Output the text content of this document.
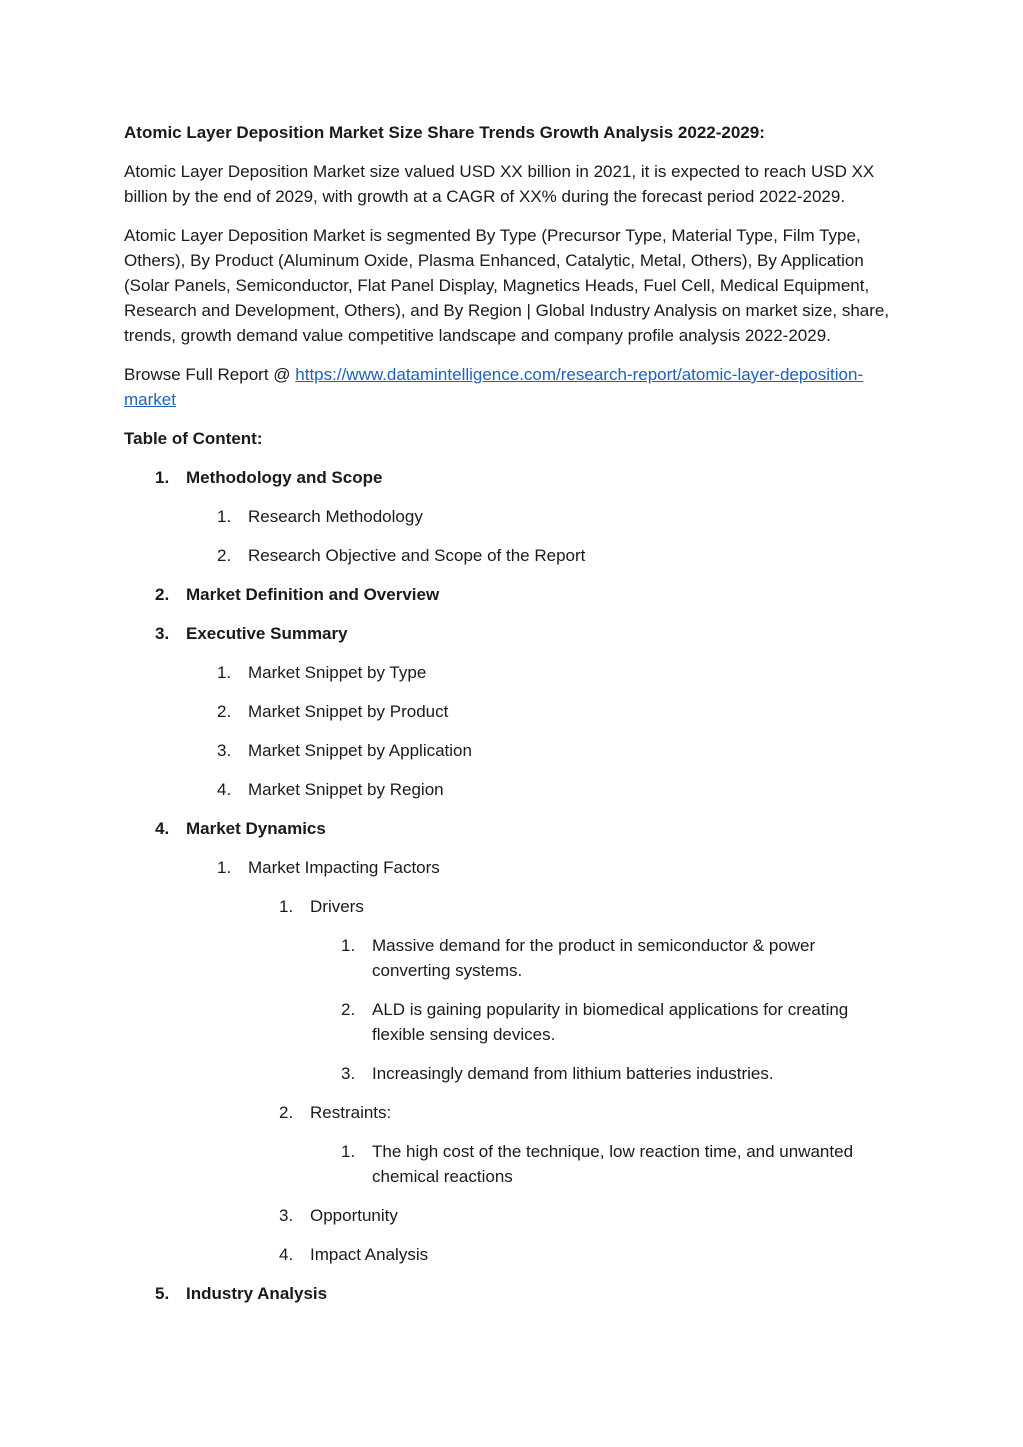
Atomic Layer Deposition Market Size Share Trends Growth Analysis 2022-2029:

Atomic Layer Deposition Market size valued USD XX billion in 2021, it is expected to reach USD XX billion by the end of 2029, with growth at a CAGR of XX% during the forecast period 2022-2029.

Atomic Layer Deposition Market is segmented By Type (Precursor Type, Material Type, Film Type, Others), By Product (Aluminum Oxide, Plasma Enhanced, Catalytic, Metal, Others), By Application (Solar Panels, Semiconductor, Flat Panel Display, Magnetics Heads, Fuel Cell, Medical Equipment, Research and Development, Others), and By Region | Global Industry Analysis on market size, share, trends, growth demand value competitive landscape and company profile analysis 2022-2029.

Browse Full Report @ https://www.datamintelligence.com/research-report/atomic-layer-deposition-market

Table of Content:

1. Methodology and Scope
1. Research Methodology
2. Research Objective and Scope of the Report
2. Market Definition and Overview
3. Executive Summary
1. Market Snippet by Type
2. Market Snippet by Product
3. Market Snippet by Application
4. Market Snippet by Region
4. Market Dynamics
1. Market Impacting Factors
1. Drivers
1. Massive demand for the product in semiconductor & power converting systems.
2. ALD is gaining popularity in biomedical applications for creating flexible sensing devices.
3. Increasingly demand from lithium batteries industries.
2. Restraints:
1. The high cost of the technique, low reaction time, and unwanted chemical reactions
3. Opportunity
4. Impact Analysis
5. Industry Analysis
